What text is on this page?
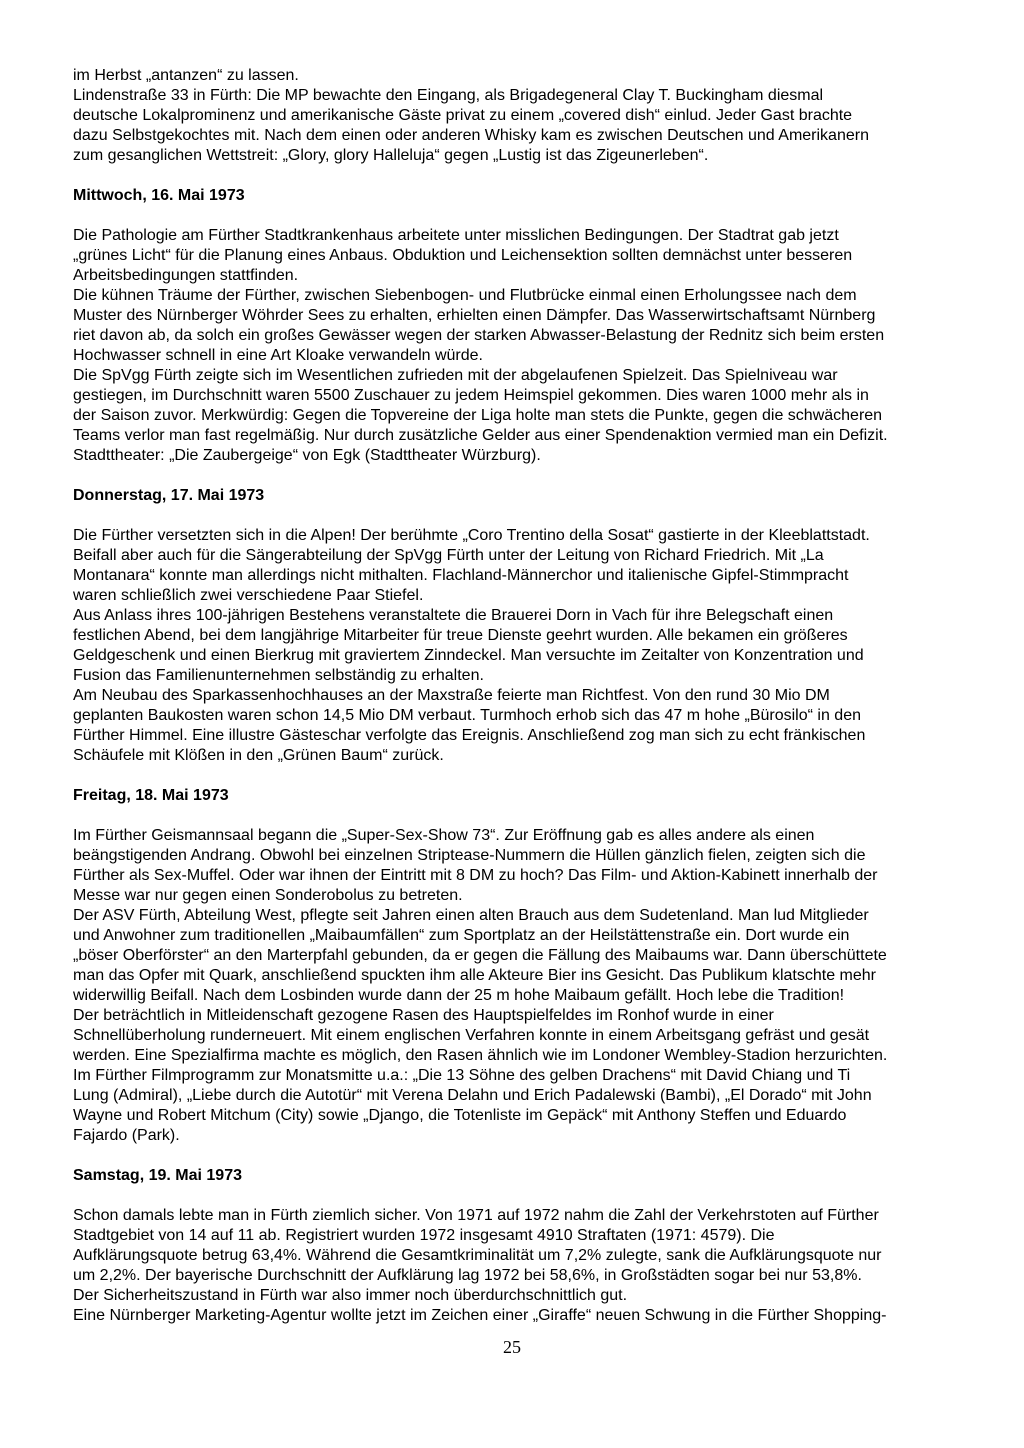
im Herbst „antanzen“ zu lassen.
Lindenstraße 33 in Fürth: Die MP bewachte den Eingang, als Brigadegeneral Clay T. Buckingham diesmal
deutsche Lokalprominenz und amerikanische Gäste privat zu einem „covered dish“ einlud. Jeder Gast brachte
dazu Selbstgekochtes mit. Nach dem einen oder anderen Whisky kam es zwischen Deutschen und Amerikanern
zum gesanglichen Wettstreit: „Glory, glory Halleluja“ gegen „Lustig ist das Zigeunerleben“.
Mittwoch, 16. Mai 1973
Die Pathologie am Fürther Stadtkrankenhaus arbeitete unter misslichen Bedingungen. Der Stadtrat gab jetzt
„grünes Licht“ für die Planung eines Anbaus. Obduktion und Leichensektion sollten demnächst unter besseren
Arbeitsbedingungen stattfinden.
Die kühnen Träume der Fürther, zwischen Siebenbogen- und Flutbrücke einmal einen Erholungssee nach dem
Muster des Nürnberger Wöhrder Sees zu erhalten, erhielten einen Dämpfer. Das Wasserwirtschaftsamt Nürnberg
riet davon ab, da solch ein großes Gewässer wegen der starken Abwasser-Belastung der Rednitz sich beim ersten
Hochwasser schnell in eine Art Kloake verwandeln würde.
Die SpVgg Fürth zeigte sich im Wesentlichen zufrieden mit der abgelaufenen Spielzeit. Das Spielniveau war
gestiegen, im Durchschnitt waren 5500 Zuschauer zu jedem Heimspiel gekommen. Dies waren 1000 mehr als in
der Saison zuvor. Merkwürdig: Gegen die Topvereine der Liga holte man stets die Punkte, gegen die schwächeren
Teams verlor man fast regelmäßig. Nur durch zusätzliche Gelder aus einer Spendenaktion vermied man ein Defizit.
Stadttheater: „Die Zaubergeige“ von Egk (Stadttheater Würzburg).
Donnerstag, 17. Mai 1973
Die Fürther versetzten sich in die Alpen! Der berühmte „Coro Trentino della Sosat“ gastierte in der Kleeblattstadt.
Beifall aber auch für die Sängerabteilung der SpVgg Fürth unter der Leitung von Richard Friedrich. Mit „La
Montanara“ konnte man allerdings nicht mithalten. Flachland-Männerchor und italienische Gipfel-Stimmpracht
waren schließlich zwei verschiedene Paar Stiefel.
Aus Anlass ihres 100-jährigen Bestehens veranstaltete die Brauerei Dorn in Vach für ihre Belegschaft einen
festlichen Abend, bei dem langjährige Mitarbeiter für treue Dienste geehrt wurden. Alle bekamen ein größeres
Geldgeschenk und einen Bierkrug mit graviertem Zinndeckel. Man versuchte im Zeitalter von Konzentration und
Fusion das Familienunternehmen selbständig zu erhalten.
Am Neubau des Sparkassenhochhauses an der Maxstraße feierte man Richtfest. Von den rund 30 Mio DM
geplanten Baukosten waren schon 14,5 Mio DM verbaut. Turmhoch erhob sich das 47 m hohe „Bürosilo“ in den
Fürther Himmel. Eine illustre Gästeschar verfolgte das Ereignis. Anschließend zog man sich zu echt fränkischen
Schäufele mit Klößen in den „Grünen Baum“ zurück.
Freitag, 18. Mai 1973
Im Fürther Geismannsaal begann die „Super-Sex-Show 73“. Zur Eröffnung gab es alles andere als einen
beängstigenden Andrang. Obwohl bei einzelnen Striptease-Nummern die Hüllen gänzlich fielen, zeigten sich die
Fürther als Sex-Muffel. Oder war ihnen der Eintritt mit 8 DM zu hoch? Das Film- und Aktion-Kabinett innerhalb der
Messe war nur gegen einen Sonderobolus zu betreten.
Der ASV Fürth, Abteilung West, pflegte seit Jahren einen alten Brauch aus dem Sudetenland. Man lud Mitglieder
und Anwohner zum traditionellen „Maibaumfällen“ zum Sportplatz an der Heilstättenstraße ein. Dort wurde ein
„böser Oberförster“ an den Marterpfahl gebunden, da er gegen die Fällung des Maibaums war. Dann überschüttete
man das Opfer mit Quark, anschließend spuckten ihm alle Akteure Bier ins Gesicht. Das Publikum klatschte mehr
widerwillig Beifall. Nach dem Losbinden wurde dann der 25 m hohe Maibaum gefällt. Hoch lebe die Tradition!
Der beträchtlich in Mitleidenschaft gezogene Rasen des Hauptspielfeldes im Ronhof wurde in einer
Schnellüberholung runderneuert. Mit einem englischen Verfahren konnte in einem Arbeitsgang gefräst und gesät
werden. Eine Spezialfirma machte es möglich, den Rasen ähnlich wie im Londoner Wembley-Stadion herzurichten.
Im Fürther Filmprogramm zur Monatsmitte u.a.: „Die 13 Söhne des gelben Drachens“ mit David Chiang und Ti
Lung (Admiral), „Liebe durch die Autotür“ mit Verena Delahn und Erich Padalewski (Bambi), „El Dorado“ mit John
Wayne und Robert Mitchum (City) sowie „Django, die Totenliste im Gepäck“ mit Anthony Steffen und Eduardo
Fajardo (Park).
Samstag, 19. Mai 1973
Schon damals lebte man in Fürth ziemlich sicher. Von 1971 auf 1972 nahm die Zahl der Verkehrstoten auf Fürther
Stadtgebiet von 14 auf 11 ab. Registriert wurden 1972 insgesamt 4910 Straftaten (1971: 4579). Die
Aufklärungsquote betrug 63,4%. Während die Gesamtkriminalität um 7,2% zulegte, sank die Aufklärungsquote nur
um 2,2%. Der bayerische Durchschnitt der Aufklärung lag 1972 bei 58,6%, in Großstädten sogar bei nur 53,8%.
Der Sicherheitszustand in Fürth war also immer noch überdurchschnittlich gut.
Eine Nürnberger Marketing-Agentur wollte jetzt im Zeichen einer „Giraffe“ neuen Schwung in die Fürther Shopping-
25
